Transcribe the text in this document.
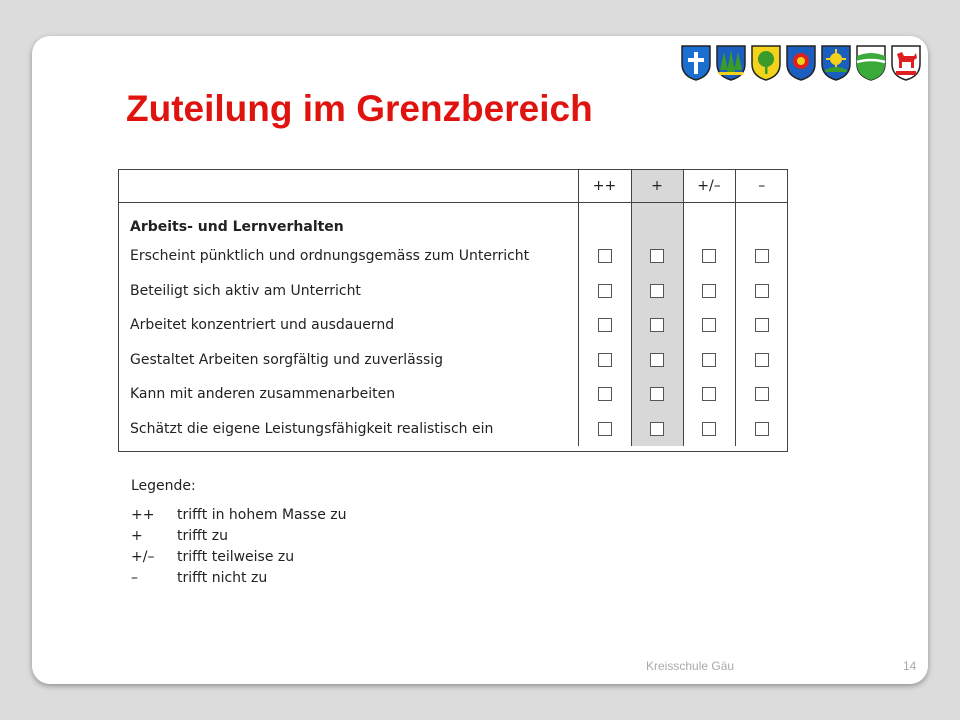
Zuteilung im Grenzbereich
	++	+	+/–	–
Arbeits- und Lernverhalten				
Erscheint pünktlich und ordnungsgemäss zum Unterricht				
Beteiligt sich aktiv am Unterricht				
Arbeitet konzentriert und ausdauernd				
Gestaltet Arbeiten sorgfältig und zuverlässig				
Kann mit anderen zusammenarbeiten				
Schätzt die eigene Leistungsfähigkeit realistisch ein				
Legende:
++	trifft in hohem Masse zu
+	trifft zu
+/–	trifft teilweise zu
–	trifft nicht zu
Kreisschule Gäu	14
